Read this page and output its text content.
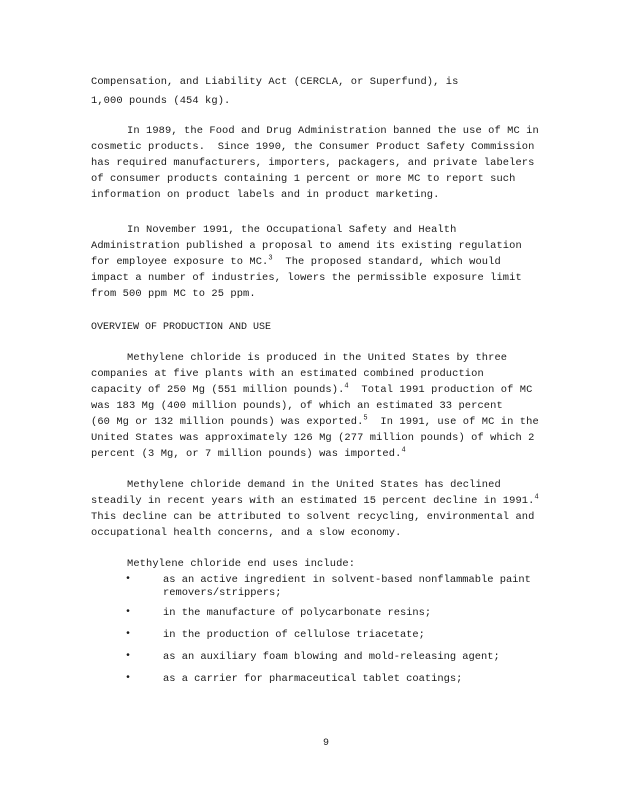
Compensation, and Liability Act (CERCLA, or Superfund), is
1,000 pounds (454 kg).
In 1989, the Food and Drug Administration banned the use of MC in
cosmetic products.  Since 1990, the Consumer Product Safety Commission
has required manufacturers, importers, packagers, and private labelers
of consumer products containing 1 percent or more MC to report such
information on product labels and in product marketing.
In November 1991, the Occupational Safety and Health
Administration published a proposal to amend its existing regulation
for employee exposure to MC.$^3$  The proposed standard, which would
impact a number of industries, lowers the permissible exposure limit
from 500 ppm MC to 25 ppm.
OVERVIEW OF PRODUCTION AND USE
Methylene chloride is produced in the United States by three
companies at five plants with an estimated combined production
capacity of 250 Mg (551 million pounds).$^4$  Total 1991 production of MC
was 183 Mg (400 million pounds), of which an estimated 33 percent
(60 Mg or 132 million pounds) was exported.$^5$  In 1991, use of MC in the
United States was approximately 126 Mg (277 million pounds) of which 2
percent (3 Mg, or 7 million pounds) was imported.$^4$
Methylene chloride demand in the United States has declined
steadily in recent years with an estimated 15 percent decline in 1991.$^4$
This decline can be attributed to solvent recycling, environmental and
occupational health concerns, and a slow economy.
Methylene chloride end uses include:
•	as an active ingredient in solvent-based nonflammable paint
removers/strippers;
•	in the manufacture of polycarbonate resins;
•	in the production of cellulose triacetate;
•	as an auxiliary foam blowing and mold-releasing agent;
•	as a carrier for pharmaceutical tablet coatings;
9
